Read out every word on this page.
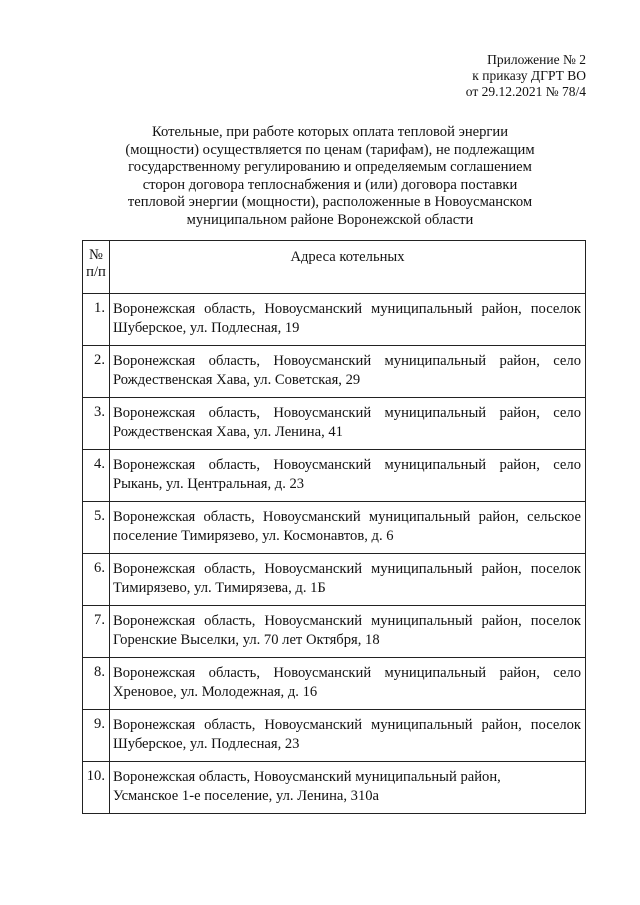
Приложение № 2
к приказу ДГРТ ВО
от 29.12.2021 № 78/4
Котельные, при работе которых оплата тепловой энергии
(мощности) осуществляется по ценам (тарифам), не подлежащим
государственному регулированию и определяемым соглашением
сторон договора теплоснабжения и (или) договора поставки
тепловой энергии (мощности), расположенные в Новоусманском
муниципальном районе Воронежской области
№
п/п	Адреса котельных
1.	Воронежская область, Новоусманский муниципальный район, поселок Шуберское, ул. Подлесная, 19
2.	Воронежская область, Новоусманский муниципальный район, село Рождественская Хава, ул. Советская, 29
3.	Воронежская область, Новоусманский муниципальный район, село Рождественская Хава, ул. Ленина, 41
4.	Воронежская область, Новоусманский муниципальный район, село Рыкань, ул. Центральная, д. 23
5.	Воронежская область, Новоусманский муниципальный район, сельское поселение Тимирязево, ул. Космонавтов, д. 6
6.	Воронежская область, Новоусманский муниципальный район, поселок Тимирязево, ул. Тимирязева, д. 1Б
7.	Воронежская область, Новоусманский муниципальный район, поселок Горенские Выселки, ул. 70 лет Октября, 18
8.	Воронежская область, Новоусманский муниципальный район, село Хреновое, ул. Молодежная, д. 16
9.	Воронежская область, Новоусманский муниципальный район, поселок Шуберское, ул. Подлесная, 23
10.	Воронежская область, Новоусманский муниципальный район,
Усманское 1-е поселение, ул. Ленина, 310а
